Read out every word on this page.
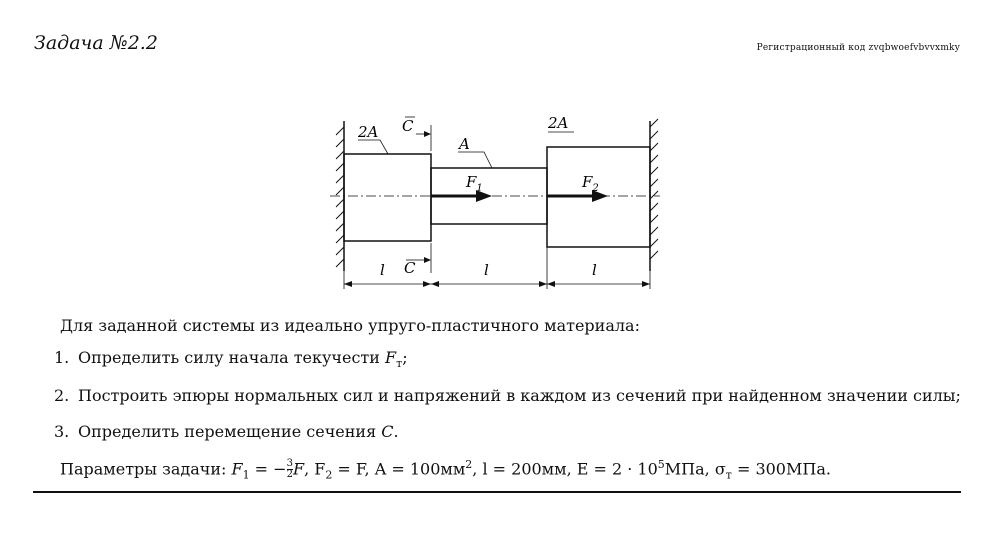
Задача №2.2	Регистрационный код zvqbwoefvbvvxmky
$F_1$	$F_2$
2A
A
2A
C
C
l	l	l
Для заданной системы из идеально упруго-пластичного материала:
1. Определить силу начала текучести $F_т$;
2. Построить эпюры нормальных сил и напряжений в каждом из сечений при найденном значении силы;
3. Определить перемещение сечения C.
Параметры задачи: $F_1$ = − $\frac{3}{2} F$, $F_2 = F$, $A = 100мм^2$, l = 200мм, $E = 2 \cdot 10^5МПа$, $\sigma_т = 300МПа$.
